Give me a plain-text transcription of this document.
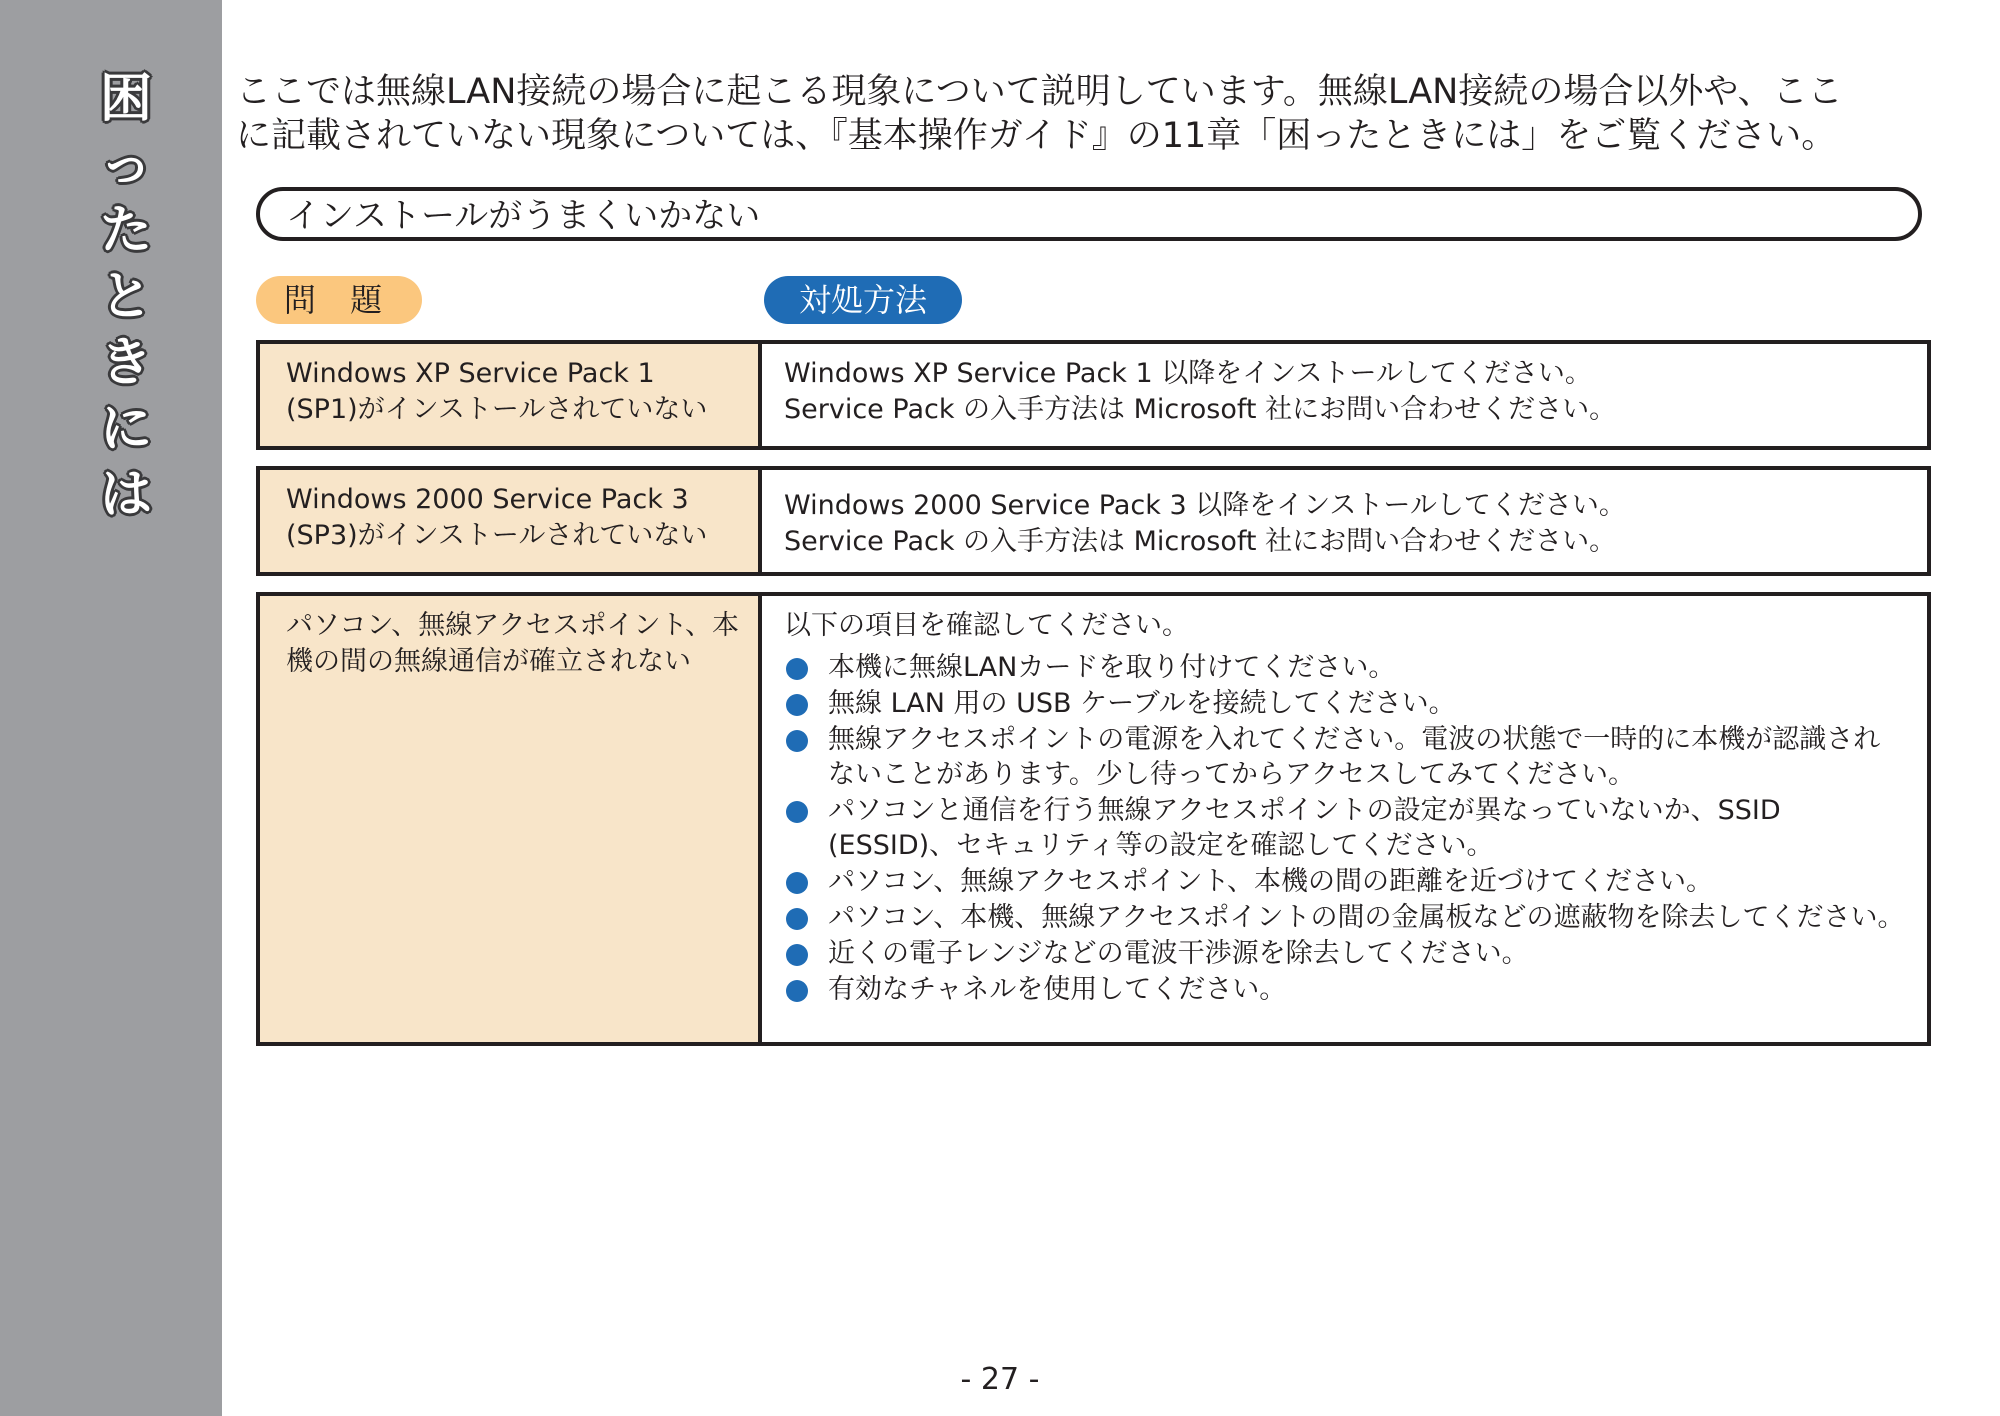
困
っ
た
と
き
に
は

ここでは無線LAN接続の場合に起こる現象について説明しています。無線LAN接続の場合以外や、ここ
に記載されていない現象については、『基本操作ガイド』の11章「困ったときには」をご覧ください。

インストールがうまくいかない
問 題	対処方法
Windows XP Service Pack 1
(SP1)がインストールされていない
Windows XP Service Pack 1 以降をインストールしてください。
Service Pack の入手方法は Microsoft 社にお問い合わせください。
Windows 2000 Service Pack 3
(SP3)がインストールされていない
Windows 2000 Service Pack 3 以降をインストールしてください。
Service Pack の入手方法は Microsoft 社にお問い合わせください。
パソコン、無線アクセスポイント、本
機の間の無線通信が確立されない
以下の項目を確認してください。
本機に無線LANカードを取り付けてください。
無線 LAN 用の USB ケーブルを接続してください。
無線アクセスポイントの電源を入れてください。電波の状態で一時的に本機が認識され
ないことがあります。少し待ってからアクセスしてみてください。
パソコンと通信を行う無線アクセスポイントの設定が異なっていないか、SSID
(ESSID)、セキュリティ等の設定を確認してください。
パソコン、無線アクセスポイント、本機の間の距離を近づけてください。
パソコン、本機、無線アクセスポイントの間の金属板などの遮蔽物を除去してください。
近くの電子レンジなどの電波干渉源を除去してください。
有効なチャネルを使用してください。
- 27 -
